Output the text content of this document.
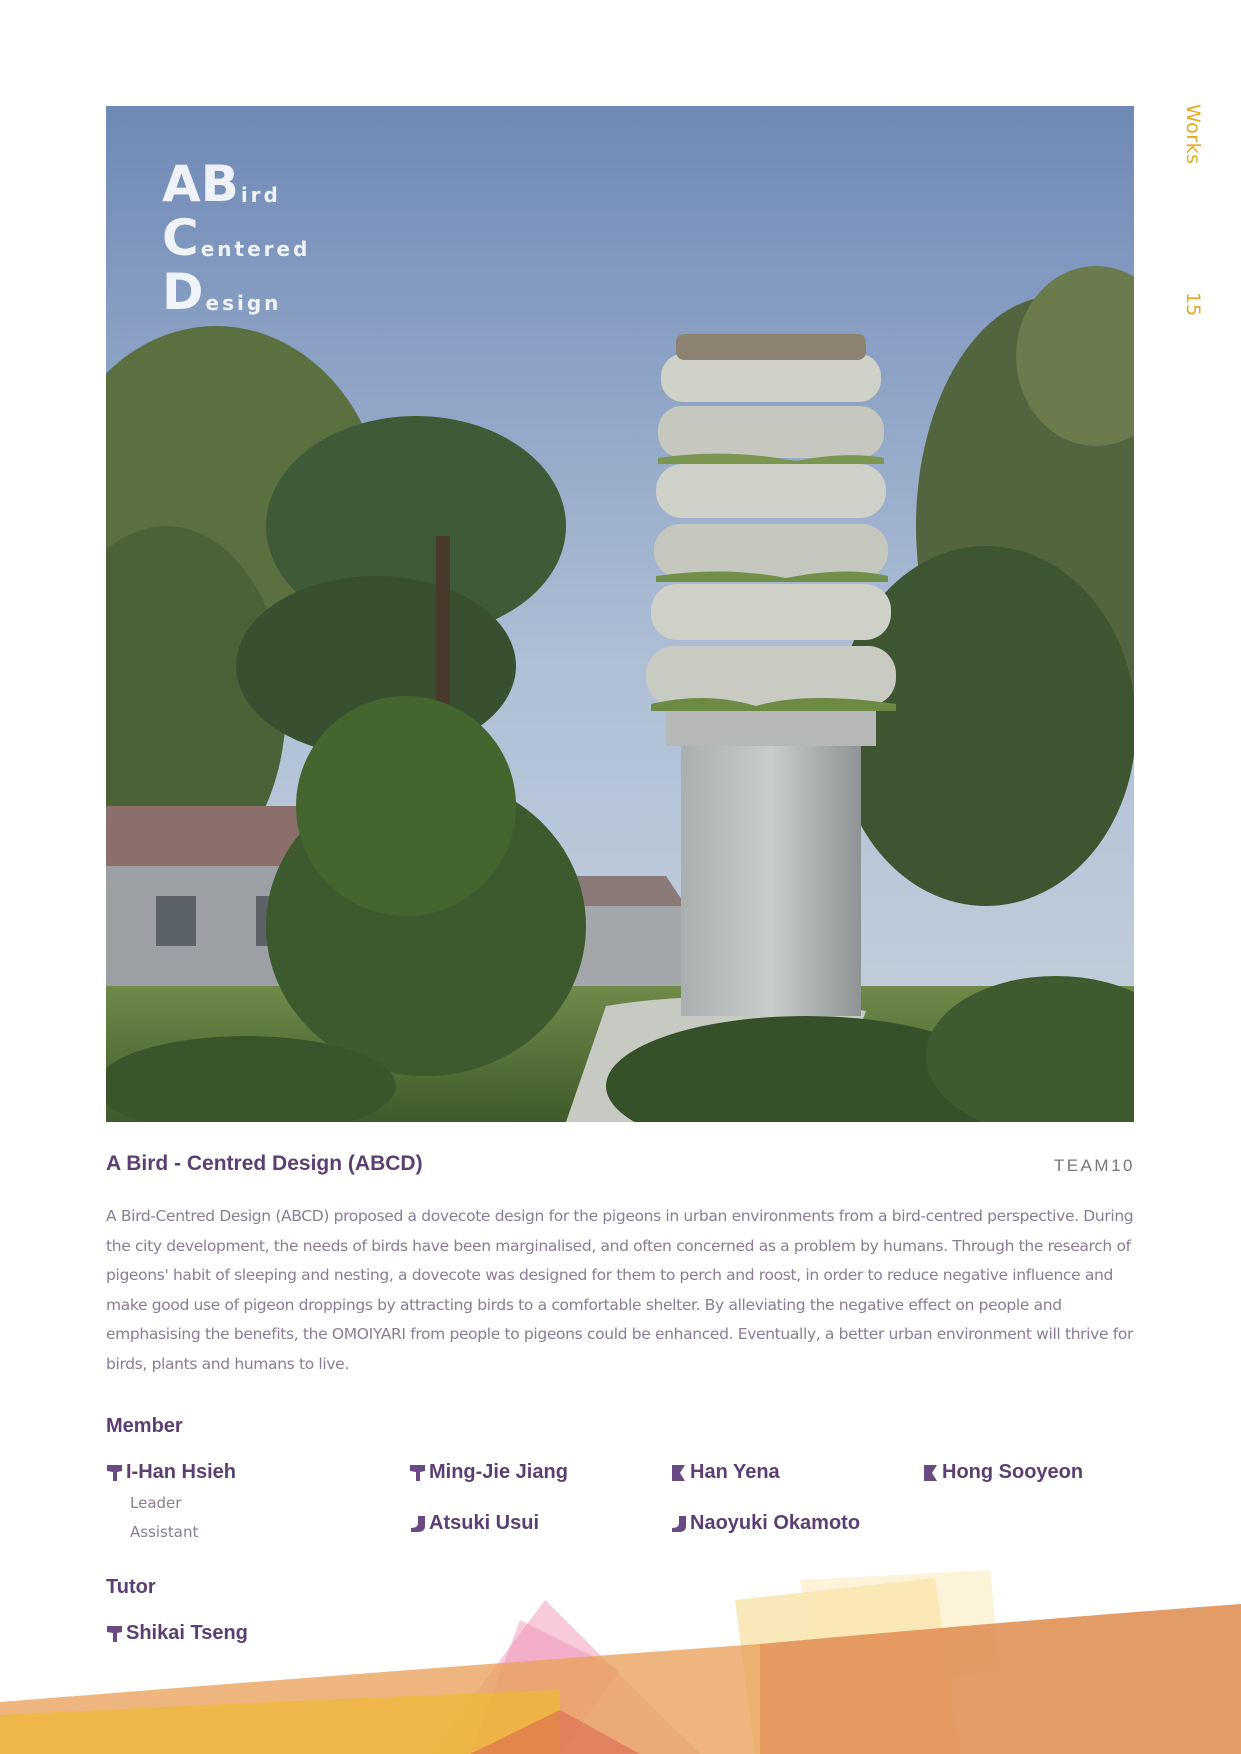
Works
15
A B ird
C entered
D esign
A Bird - Centred Design (ABCD)	TEAM10

A Bird-Centred Design (ABCD) proposed a dovecote design for the pigeons in urban environments from a bird-centred perspective. During the city development, the needs of birds have been marginalised, and often concerned as a problem by humans. Through the research of pigeons' habit of sleeping and nesting, a dovecote was designed for them to perch and roost, in order to reduce negative influence and make good use of pigeon droppings by attracting birds to a comfortable shelter. By alleviating the negative effect on people and emphasising the benefits, the OMOIYARI from people to pigeons could be enhanced. Eventually, a better urban environment will thrive for birds, plants and humans to live.

Member
I-Han Hsieh
Leader
Assistant
Ming-Jie Jiang	Han Yena	Hong Sooyeon
Atsuki Usui	Naoyuki Okamoto
Tutor
Shikai Tseng
